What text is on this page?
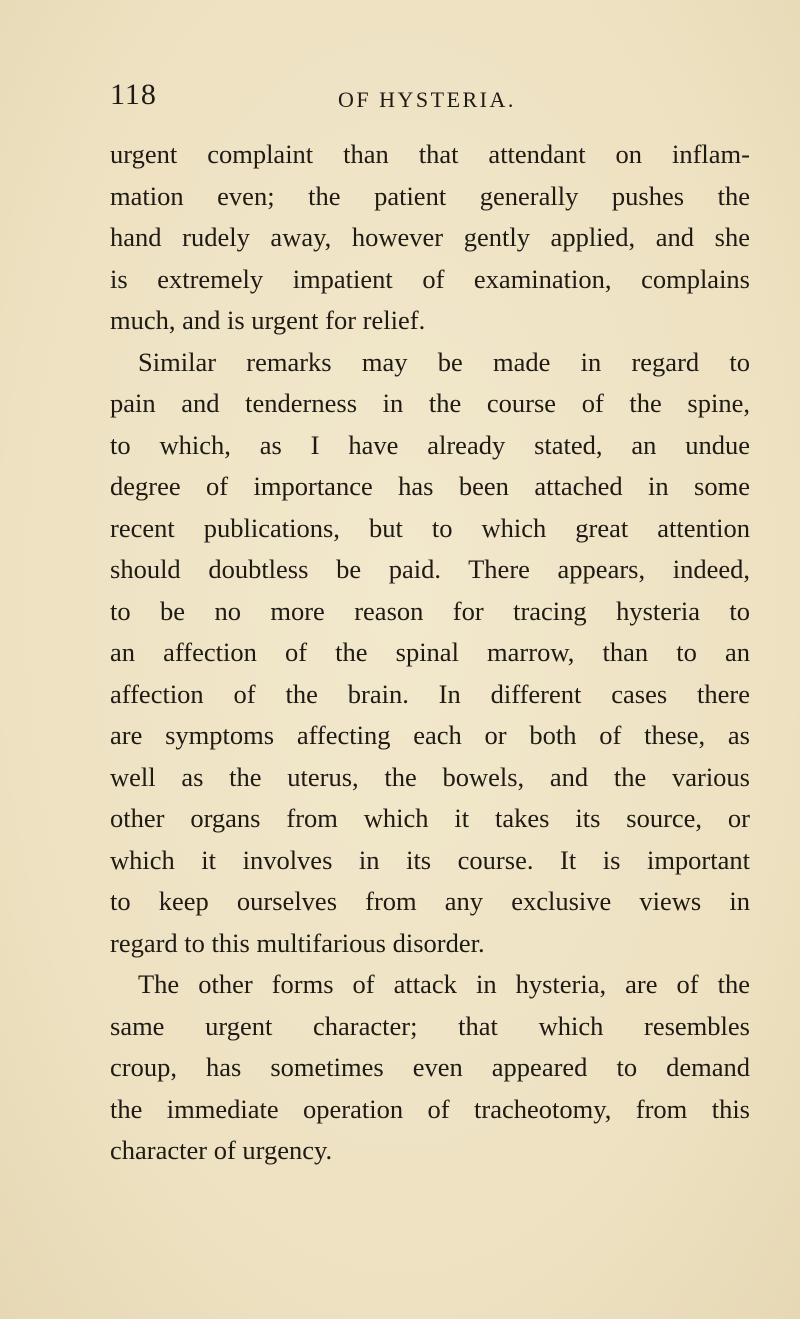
118	OF HYSTERIA.
urgent complaint than that attendant on inflam-
mation even; the patient generally pushes the
hand rudely away, however gently applied, and she
is extremely impatient of examination, complains
much, and is urgent for relief.
Similar remarks may be made in regard to
pain and tenderness in the course of the spine,
to which, as I have already stated, an undue
degree of importance has been attached in some
recent publications, but to which great attention
should doubtless be paid. There appears, indeed,
to be no more reason for tracing hysteria to
an affection of the spinal marrow, than to an
affection of the brain. In different cases there
are symptoms affecting each or both of these, as
well as the uterus, the bowels, and the various
other organs from which it takes its source, or
which it involves in its course. It is important
to keep ourselves from any exclusive views in
regard to this multifarious disorder.
The other forms of attack in hysteria, are of the
same urgent character; that which resembles
croup, has sometimes even appeared to demand
the immediate operation of tracheotomy, from this
character of urgency.
